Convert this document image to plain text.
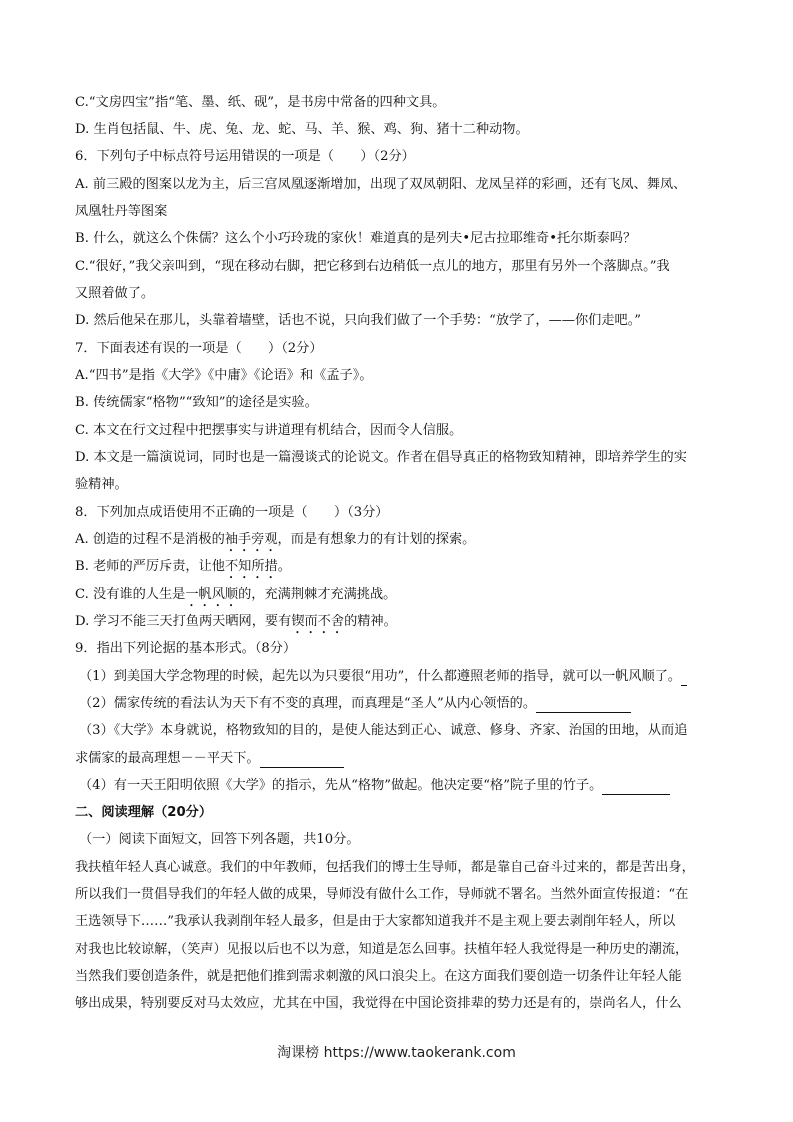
C.“文房四宝”指“笔、墨、纸、砚”，是书房中常备的四种文具。
D. 生肖包括鼠、牛、虎、兔、龙、蛇、马、羊、猴、鸡、狗、猪十二种动物。
6．下列句子中标点符号运用错误的一项是（　　）（2分）
A. 前三殿的图案以龙为主，后三宫凤凰逐渐增加，出现了双凤朝阳、龙凤呈祥的彩画，还有飞凤、舞凤、
凤凰牡丹等图案
B. 什么，就这么个侏儒？这么个小巧玲珑的家伙！难道真的是列夫•尼古拉耶维奇•托尔斯泰吗？
C.“很好，”我父亲叫到，“现在移动右脚，把它移到右边稍低一点儿的地方，那里有另外一个落脚点。”我
又照着做了。
D. 然后他呆在那儿，头靠着墙壁，话也不说，只向我们做了一个手势：“放学了，——你们走吧。”
7．下面表述有误的一项是（　　）（2分）
A.“四书”是指《大学》《中庸》《论语》和《孟子》。
B. 传统儒家“格物”“致知”的途径是实验。
C. 本文在行文过程中把摆事实与讲道理有机结合，因而令人信服。
D. 本文是一篇演说词，同时也是一篇漫谈式的论说文。作者在倡导真正的格物致知精神，即培养学生的实
验精神。
8．下列加点成语使用不正确的一项是（　　）（3分）
A. 创造的过程不是消极的袖手旁观，而是有想象力的有计划的探索。
B. 老师的严厉斥责，让他不知所措。
C. 没有谁的人生是一帆风顺的，充满荆棘才充满挑战。
D. 学习不能三天打鱼两天晒网，要有锲而不舍的精神。
9．指出下列论据的基本形式。（8分）
（1）到美国大学念物理的时候，起先以为只要很“用功”，什么都遵照老师的指导，就可以一帆风顺了。
（2）儒家传统的看法认为天下有不变的真理，而真理是“圣人”从内心领悟的。
（3）《大学》本身就说，格物致知的目的，是使人能达到正心、诚意、修身、齐家、治国的田地，从而追
求儒家的最高理想－－平天下。
（4）有一天王阳明依照《大学》的指示，先从“格物”做起。他决定要“格”院子里的竹子。
二、阅读理解（20分）
（一）阅读下面短文，回答下列各题，共10分。
我扶植年轻人真心诚意。我们的中年教师，包括我们的博士生导师，都是靠自己奋斗过来的，都是苦出身，
所以我们一贯倡导我们的年轻人做的成果，导师没有做什么工作，导师就不署名。当然外面宣传报道：“在
王选领导下……”我承认我剥削年轻人最多，但是由于大家都知道我并不是主观上要去剥削年轻人，所以
对我也比较谅解，（笑声）见报以后也不以为意，知道是怎么回事。扶植年轻人我觉得是一种历史的潮流，
当然我们要创造条件，就是把他们推到需求刺激的风口浪尖上。在这方面我们要创造一切条件让年轻人能
够出成果，特别要反对马太效应，尤其在中国，我觉得在中国论资排辈的势力还是有的，崇尚名人，什么
淘课榜 https://www.taokerank.com
